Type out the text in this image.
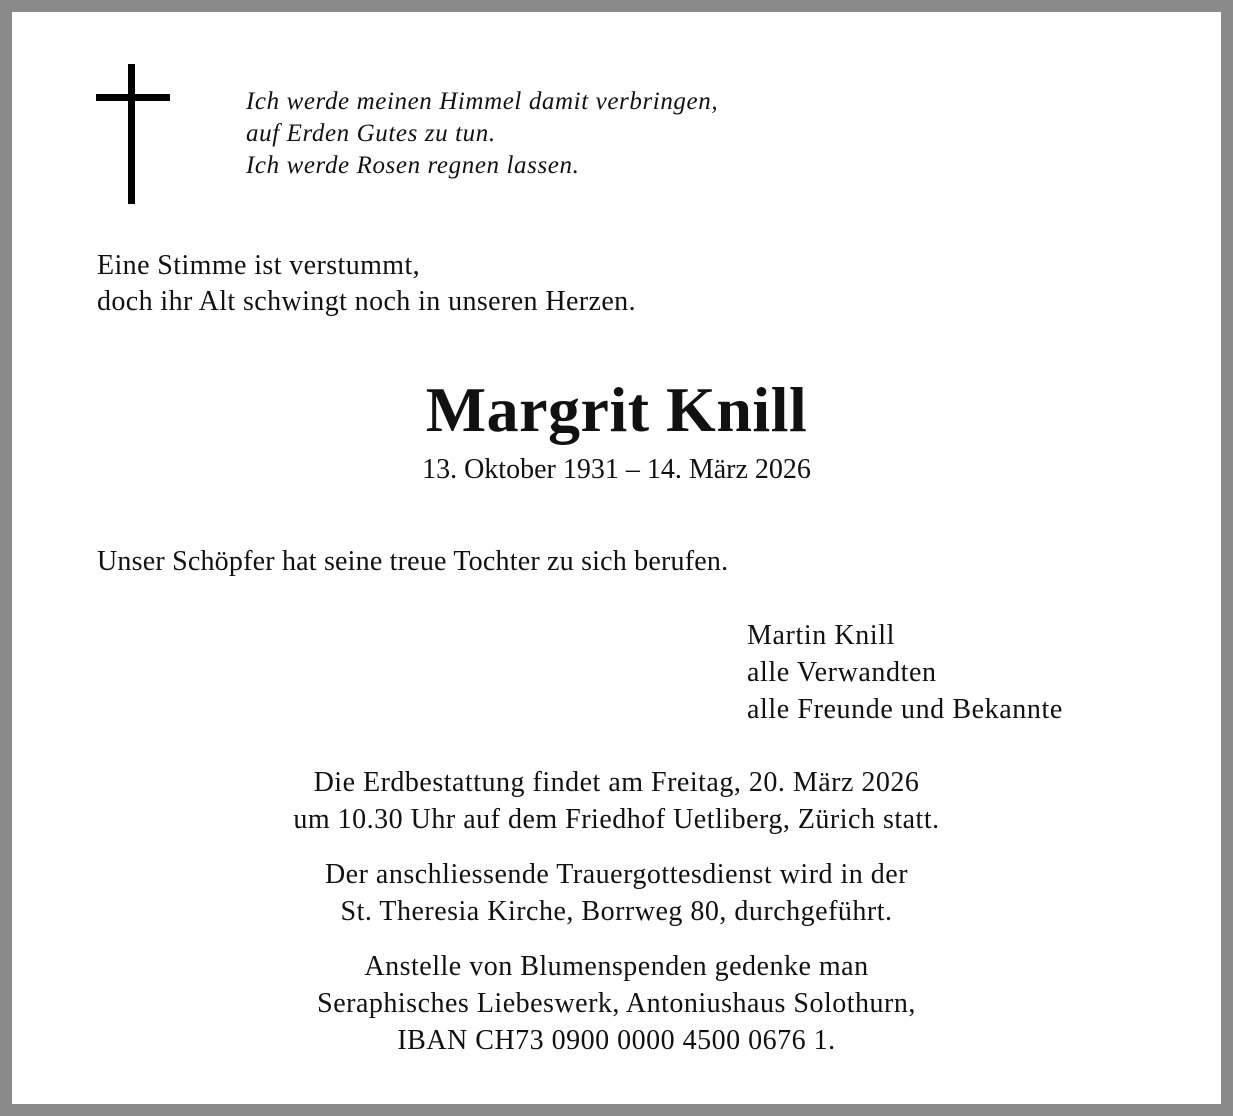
Ich werde meinen Himmel damit verbringen,
auf Erden Gutes zu tun.
Ich werde Rosen regnen lassen.
Eine Stimme ist verstummt,
doch ihr Alt schwingt noch in unseren Herzen.
Margrit Knill
13. Oktober 1931 – 14. März 2026
Unser Schöpfer hat seine treue Tochter zu sich berufen.
Martin Knill
alle Verwandten
alle Freunde und Bekannte
Die Erdbestattung findet am Freitag, 20. März 2026
um 10.30 Uhr auf dem Friedhof Uetliberg, Zürich statt.
Der anschliessende Trauergottesdienst wird in der
St. Theresia Kirche, Borrweg 80, durchgeführt.
Anstelle von Blumenspenden gedenke man
Seraphisches Liebeswerk, Antoniushaus Solothurn,
IBAN CH73 0900 0000 4500 0676 1.
